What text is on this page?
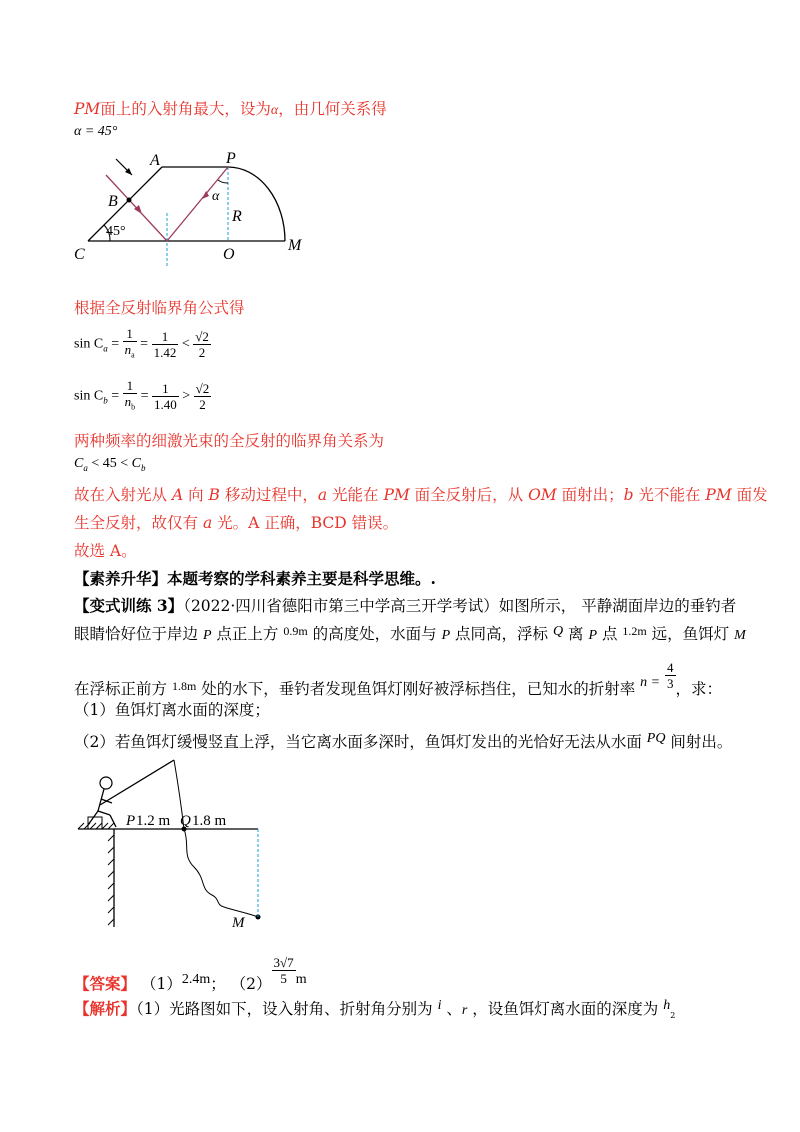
PM面上的入射角最大，设为α，由几何关系得
α = 45°
A	P
B
R
α
45°
C	O
M
根据全反射临界角公式得
$\sin C_a = \frac{1}{n_a} = \frac{1}{1.42} < \frac{√2}{2}$
$\sin C_b = \frac{1}{n_b} = \frac{1}{1.40} > \frac{√2}{2}$
两种频率的细激光束的全反射的临界角关系为
$C_a < 45 < C_b$
故在入射光从 A 向 B 移动过程中，a 光能在 PM 面全反射后，从 OM 面射出；b 光不能在 PM 面发
生全反射，故仅有 a 光。A 正确，BCD 错误。
故选 A。
【素养升华】本题考察的学科素养主要是科学思维。.
【变式训练 3】（2022·四川省德阳市第三中学高三开学考试）如图所示， 平静湖面岸边的垂钓者
眼睛恰好位于岸边 P 点正上方 $^{0.9m}$ 的高度处，水面与 P 点同高，浮标 Q 离 P 点 $^{1.2m}$ 远，鱼饵灯 M
在浮标正前方 $^{1.8m}$ 处的水下，垂钓者发现鱼饵灯刚好被浮标挡住，已知水的折射率 $n = \frac{4}{3}$ ，求：
（1）鱼饵灯离水面的深度；
（2）若鱼饵灯缓慢竖直上浮，当它离水面多深时，鱼饵灯发出的光恰好无法从水面 PQ 间射出。
P 1.2 m Q 1.8 m
M
【答案】 （1）2.4m； $(2) \frac{3√7}{5}$ m
【解析】（1）光路图如下，设入射角、折射角分别为 i 、r ，设鱼饵灯离水面的深度为 $h_2$
